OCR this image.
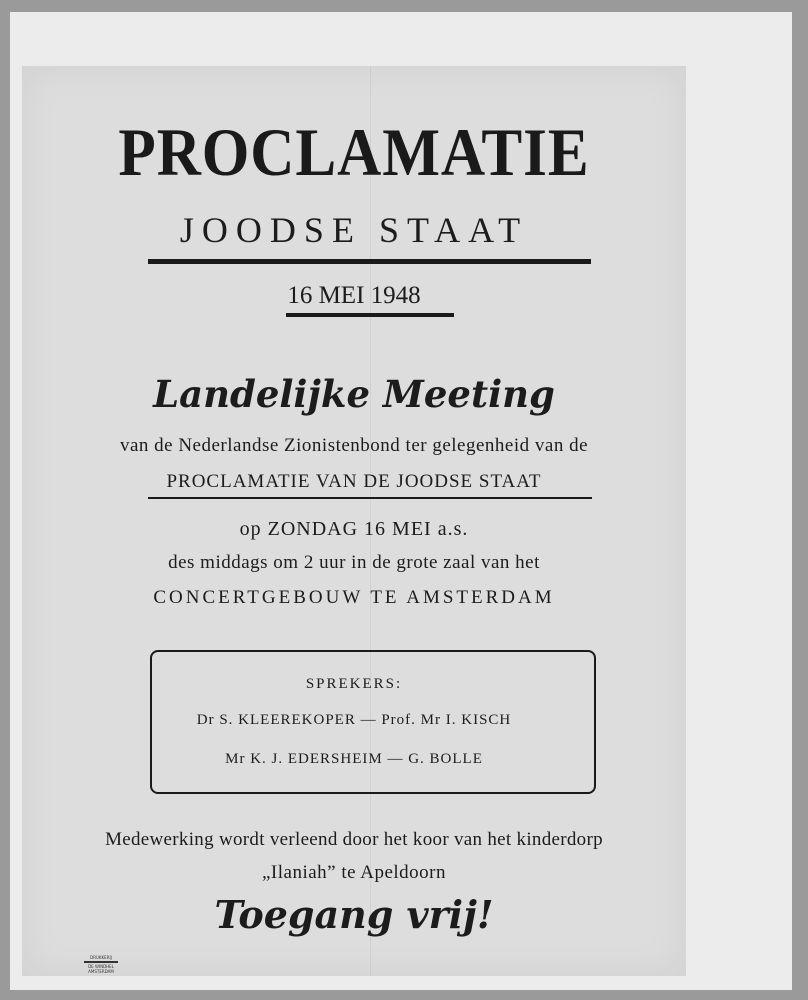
PROCLAMATIE
JOODSE STAAT
16 MEI 1948
Landelijke Meeting
van de Nederlandse Zionistenbond ter gelegenheid van de
PROCLAMATIE VAN DE JOODSE STAAT
op ZONDAG 16 MEI a.s.
des middags om 2 uur in de grote zaal van het
CONCERTGEBOUW TE AMSTERDAM
SPREKERS:
Dr S. KLEEREKOPER — Prof. Mr I. KISCH
Mr K. J. EDERSHEIM — G. BOLLE
Medewerking wordt verleend door het koor van het kinderdorp
„Ilaniah” te Apeldoorn
Toegang vrij!
DRUKKERIJ
DE WINDHEL
AMSTERDAM
